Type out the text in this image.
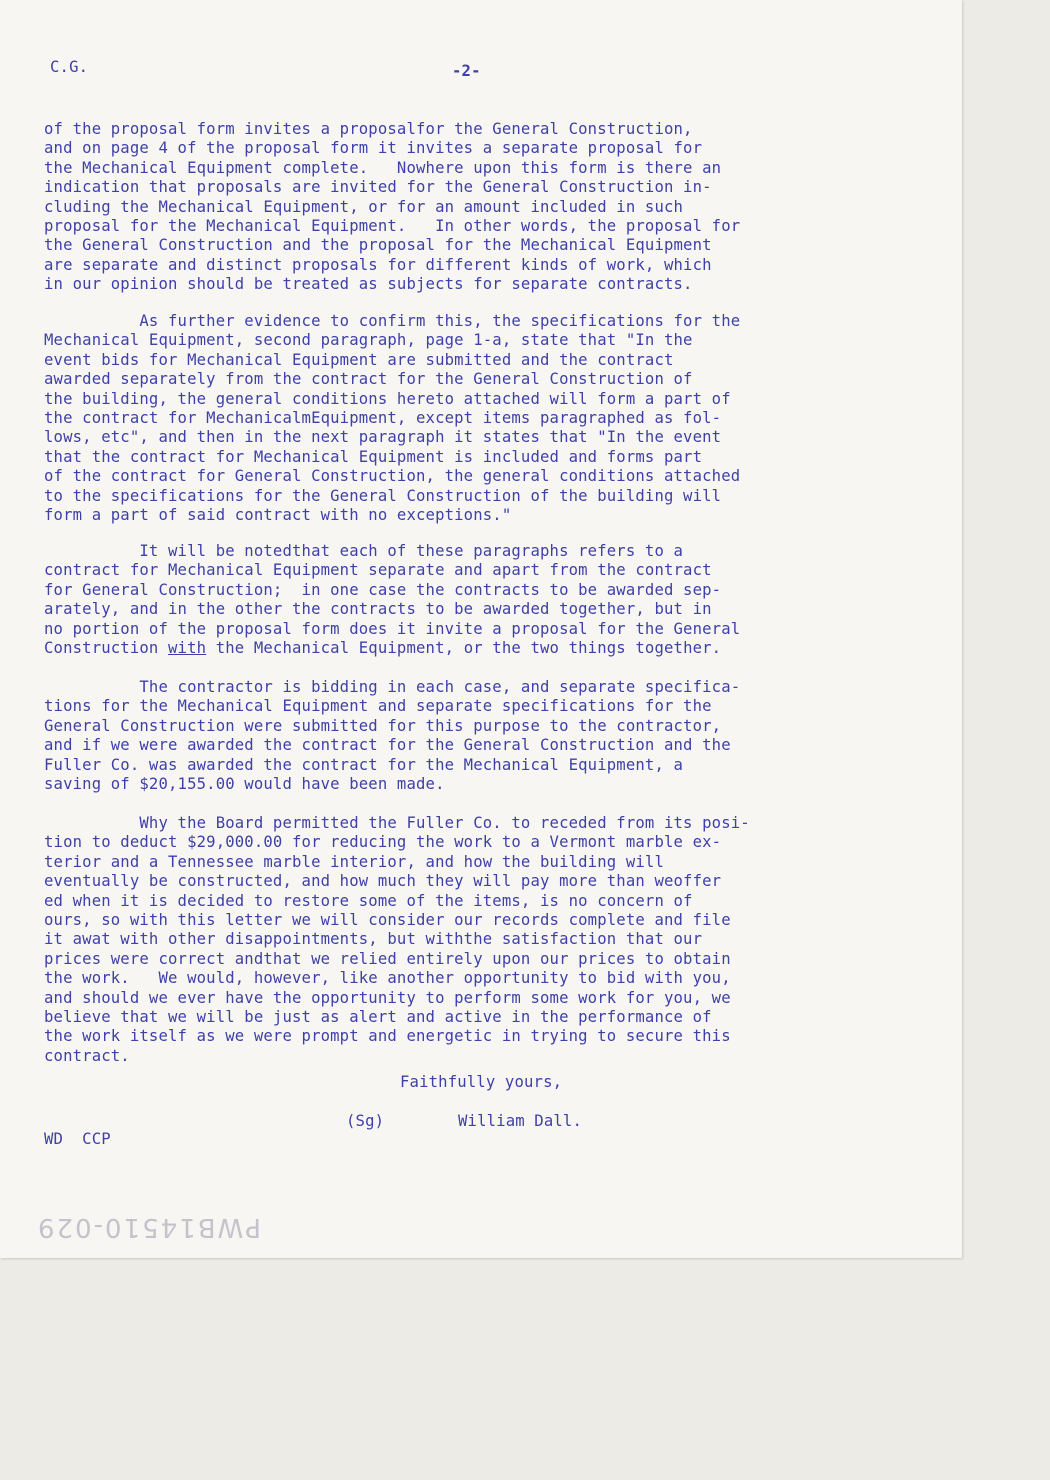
C.G.	-2-
of the proposal form invites a proposalfor the General Construction,
and on page 4 of the proposal form it invites a separate proposal for
the Mechanical Equipment complete.   Nowhere upon this form is there an
indication that proposals are invited for the General Construction in-
cluding the Mechanical Equipment, or for an amount included in such
proposal for the Mechanical Equipment.   In other words, the proposal for
the General Construction and the proposal for the Mechanical Equipment
are separate and distinct proposals for different kinds of work, which
in our opinion should be treated as subjects for separate contracts.
As further evidence to confirm this, the specifications for the
Mechanical Equipment, second paragraph, page 1-a, state that "In the
event bids for Mechanical Equipment are submitted and the contract
awarded separately from the contract for the General Construction of
the building, the general conditions hereto attached will form a part of
the contract for MechanicalmEquipment, except items paragraphed as fol-
lows, etc", and then in the next paragraph it states that "In the event
that the contract for Mechanical Equipment is included and forms part
of the contract for General Construction, the general conditions attached
to the specifications for the General Construction of the building will
form a part of said contract with no exceptions."
It will be notedthat each of these paragraphs refers to a
contract for Mechanical Equipment separate and apart from the contract
for General Construction;  in one case the contracts to be awarded sep-
arately, and in the other the contracts to be awarded together, but in
no portion of the proposal form does it invite a proposal for the General
Construction with the Mechanical Equipment, or the two things together.
The contractor is bidding in each case, and separate specifica-
tions for the Mechanical Equipment and separate specifications for the
General Construction were submitted for this purpose to the contractor,
and if we were awarded the contract for the General Construction and the
Fuller Co. was awarded the contract for the Mechanical Equipment, a
saving of $20,155.00 would have been made.
Why the Board permitted the Fuller Co. to receded from its posi-
tion to deduct $29,000.00 for reducing the work to a Vermont marble ex-
terior and a Tennessee marble interior, and how the building will
eventually be constructed, and how much they will pay more than weoffer
ed when it is decided to restore some of the items, is no concern of
ours, so with this letter we will consider our records complete and file
it awat with other disappointments, but withthe satisfaction that our
prices were correct andthat we relied entirely upon our prices to obtain
the work.   We would, however, like another opportunity to bid with you,
and should we ever have the opportunity to perform some work for you, we
believe that we will be just as alert and active in the performance of
the work itself as we were prompt and energetic in trying to secure this
contract.
Faithfully yours,
(Sg)	William Dall.
WD  CCP
PWB14510-029
